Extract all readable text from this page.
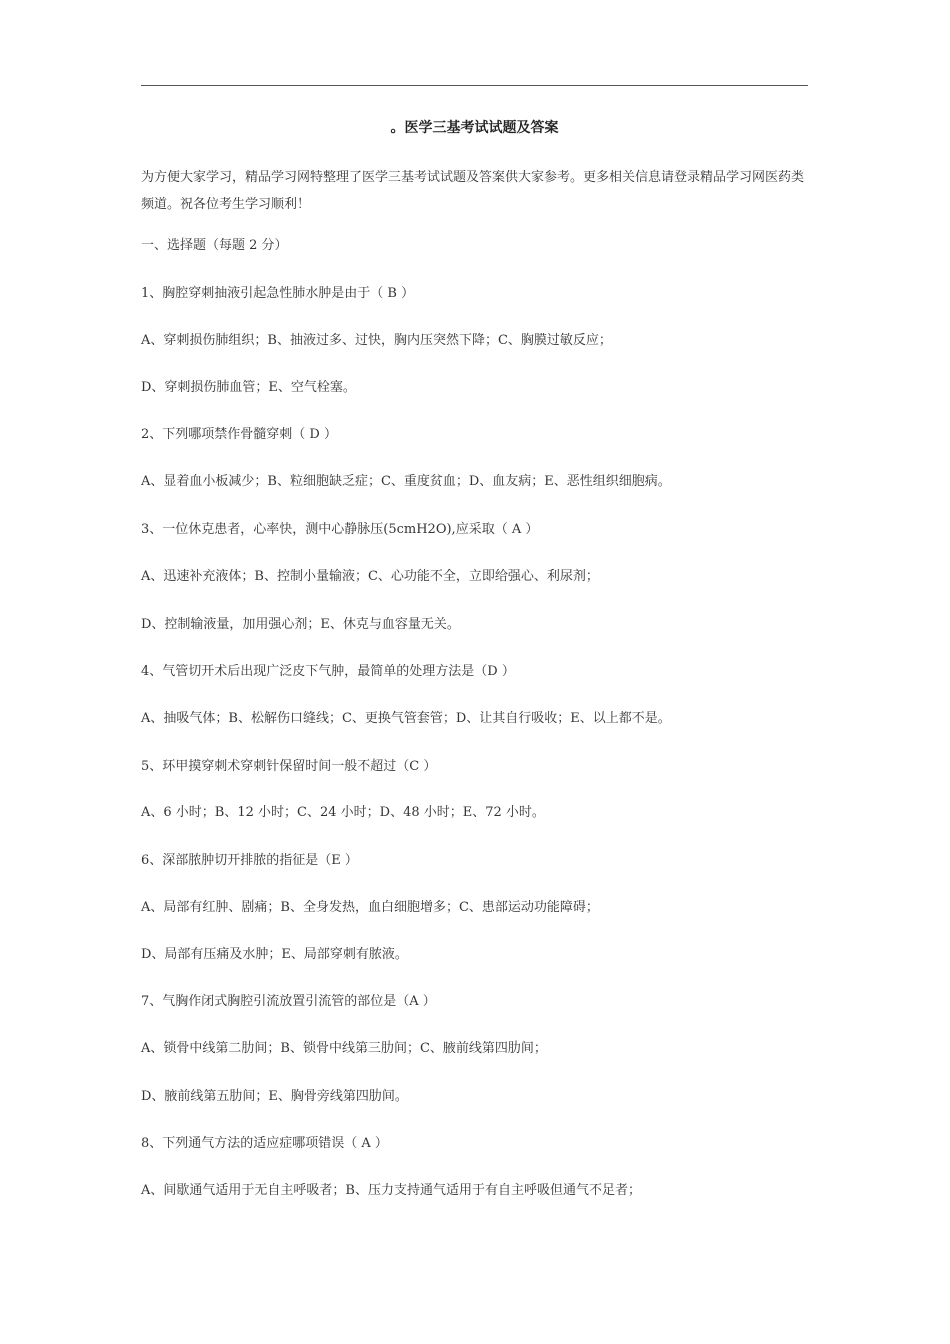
。医学三基考试试题及答案
为方便大家学习，精品学习网特整理了医学三基考试试题及答案供大家参考。更多相关信息请登录精品学习网医药类频道。祝各位考生学习顺利！
一、选择题（每题 2 分）
1、胸腔穿刺抽液引起急性肺水肿是由于（ B ）
A、穿刺损伤肺组织；B、抽液过多、过快，胸内压突然下降；C、胸膜过敏反应；
D、穿刺损伤肺血管；E、空气栓塞。
2、下列哪项禁作骨髓穿刺（ D ）
A、显着血小板减少；B、粒细胞缺乏症；C、重度贫血；D、血友病；E、恶性组织细胞病。
3、一位休克患者，心率快，测中心静脉压(5cmH2O),应采取（ A ）
A、迅速补充液体；B、控制小量输液；C、心功能不全，立即给强心、利尿剂；
D、控制输液量，加用强心剂；E、休克与血容量无关。
4、气管切开术后出现广泛皮下气肿，最简单的处理方法是（D ）
A、抽吸气体；B、松解伤口缝线；C、更换气管套管；D、让其自行吸收；E、以上都不是。
5、环甲摸穿刺术穿刺针保留时间一般不超过（C ）
A、6 小时；B、12 小时；C、24 小时；D、48 小时；E、72 小时。
6、深部脓肿切开排脓的指征是（E ）
A、局部有红肿、剧痛；B、全身发热，血白细胞增多；C、患部运动功能障碍；
D、局部有压痛及水肿；E、局部穿刺有脓液。
7、气胸作闭式胸腔引流放置引流管的部位是（A ）
A、锁骨中线第二肋间；B、锁骨中线第三肋间；C、腋前线第四肋间；
D、腋前线第五肋间；E、胸骨旁线第四肋间。
8、下列通气方法的适应症哪项错误（ A ）
A、间歇通气适用于无自主呼吸者；B、压力支持通气适用于有自主呼吸但通气不足者；
